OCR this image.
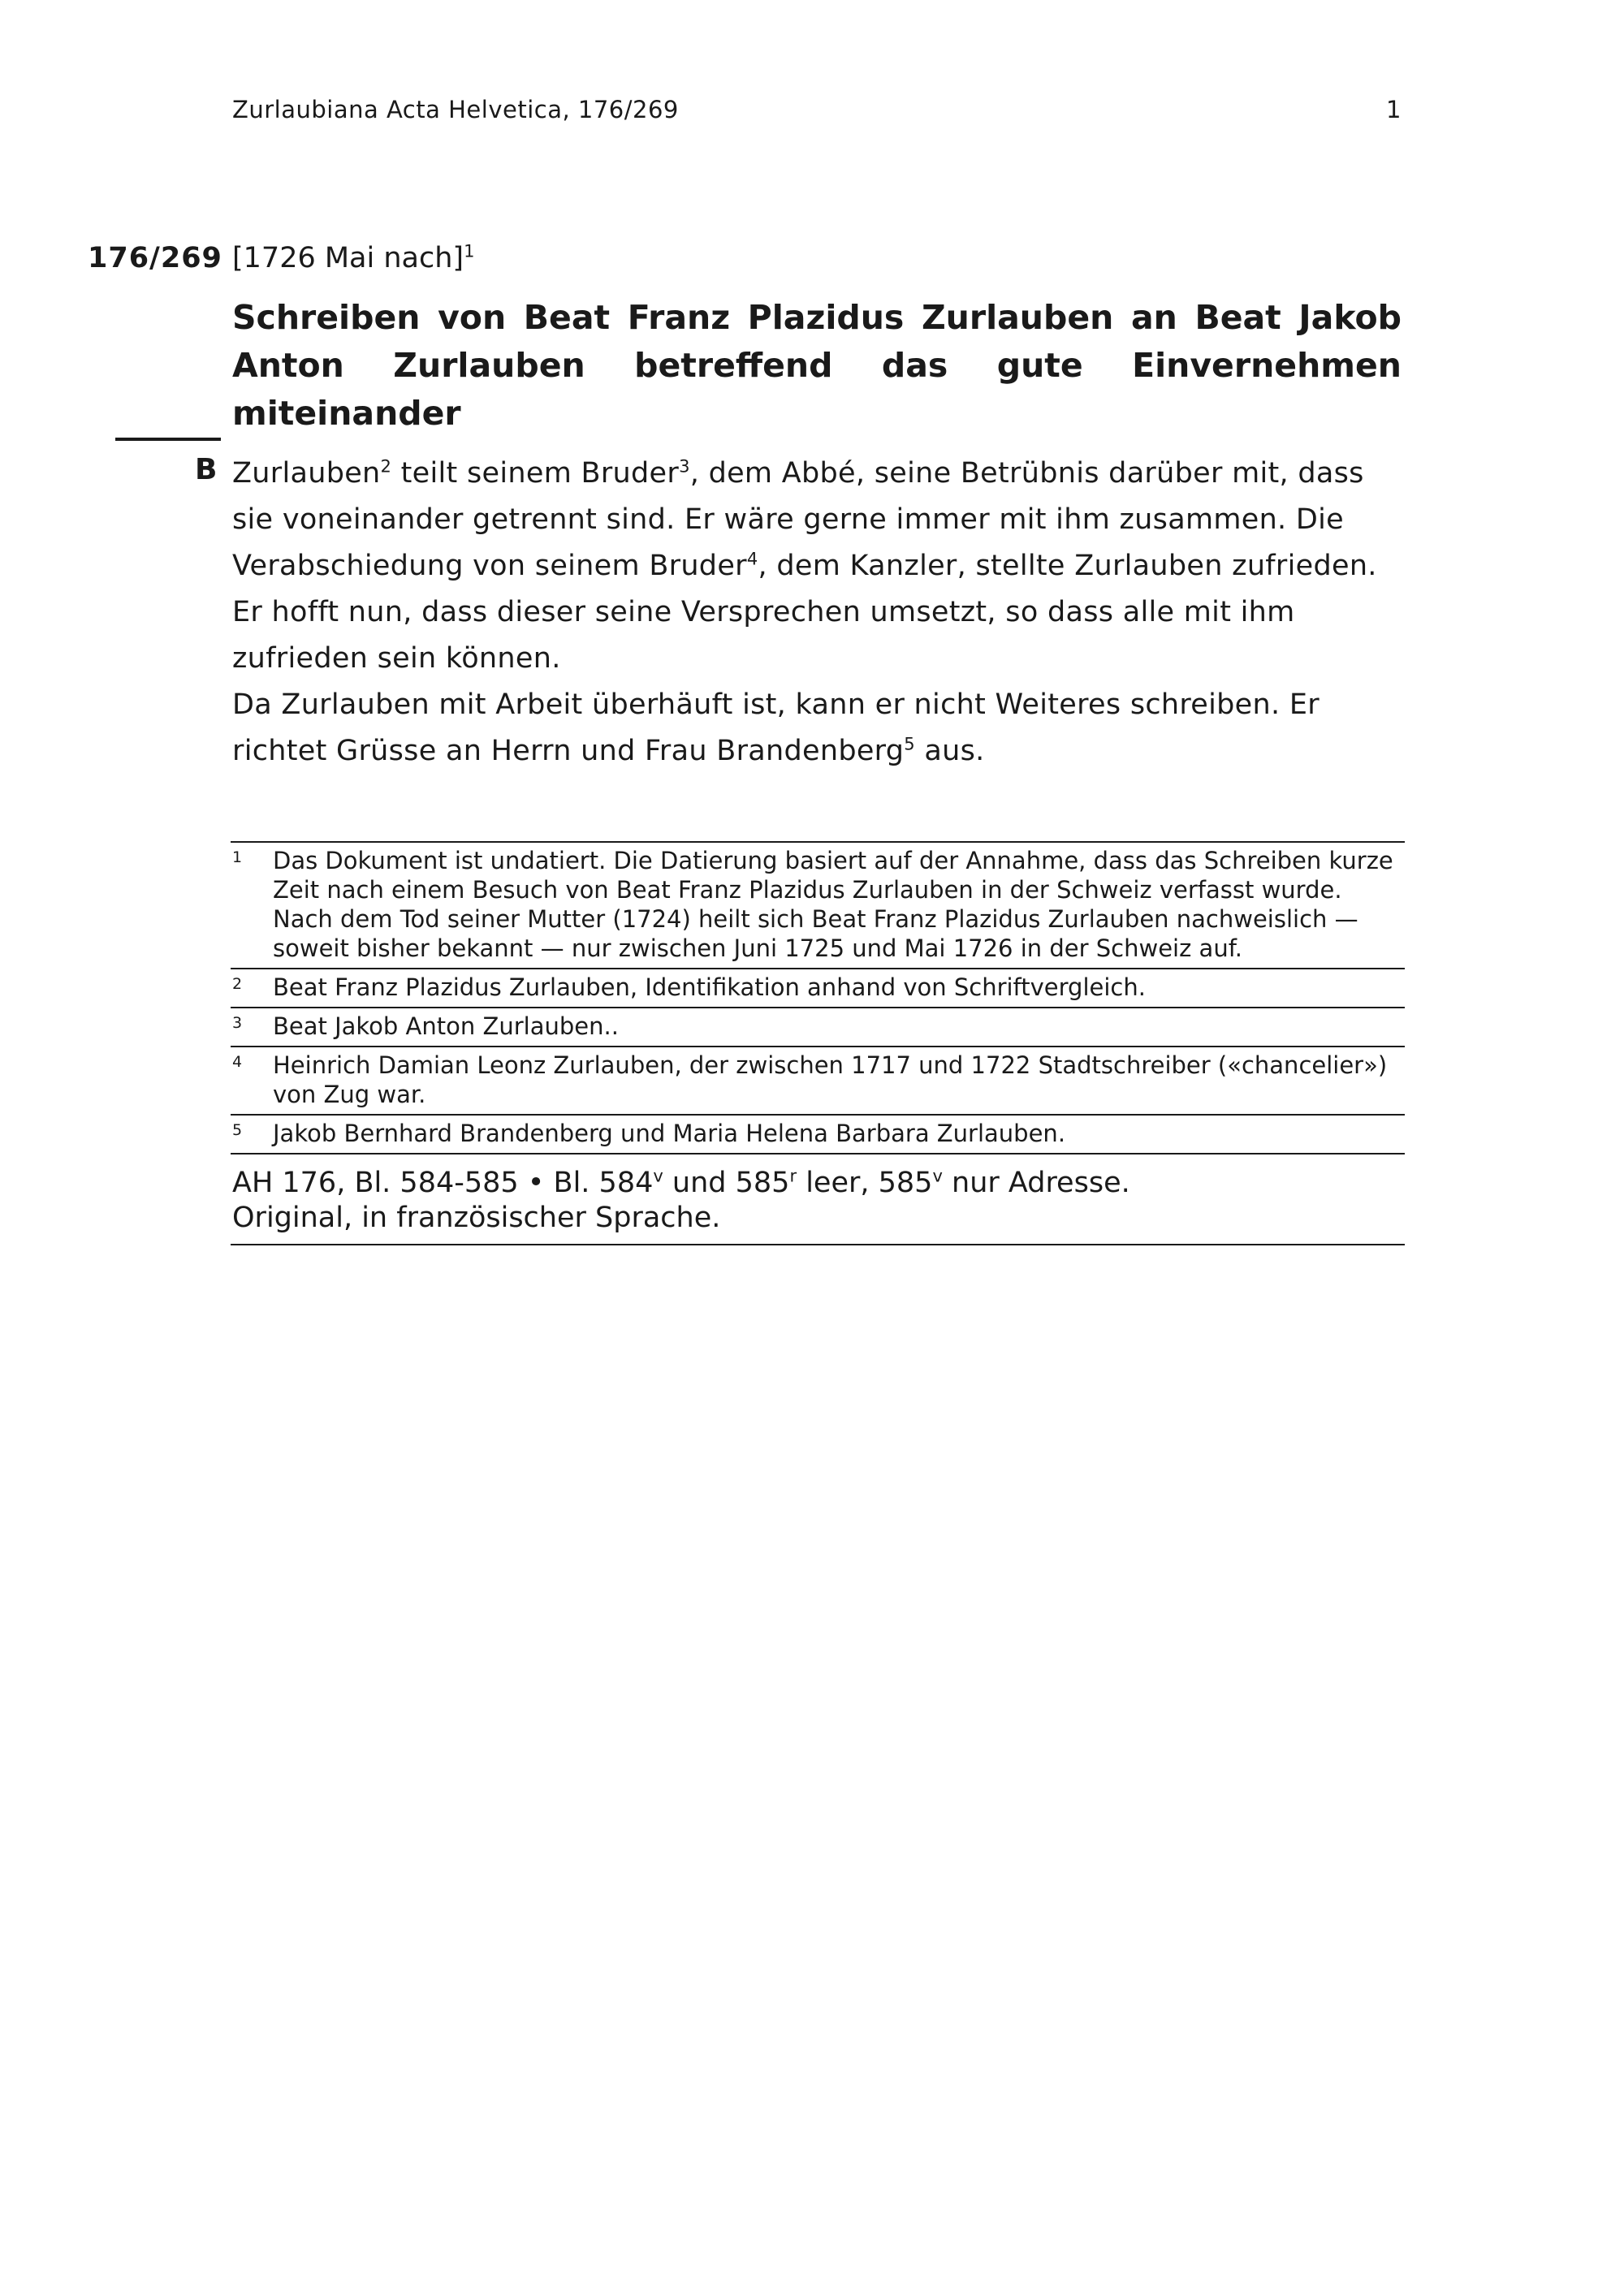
Zurlaubiana Acta Helvetica, 176/269	1
176/269 [1726 Mai nach]$^1$
Schreiben von Beat Franz Plazidus Zurlauben an Beat Jakob Anton Zurlauben betreffend das gute Einvernehmen miteinander
B Zurlauben$^2$ teilt seinem Bruder$^3$, dem Abbé, seine Betrübnis darüber mit, dass sie voneinander getrennt sind. Er wäre gerne immer mit ihm zusammen. Die Verabschiedung von seinem Bruder$^4$, dem Kanzler, stellte Zurlauben zufrieden. Er hofft nun, dass dieser seine Versprechen umsetzt, so dass alle mit ihm zufrieden sein können.

Da Zurlauben mit Arbeit überhäuft ist, kann er nicht Weiteres schreiben. Er richtet Grüsse an Herrn und Frau Brandenberg$^5$ aus.

1 Das Dokument ist undatiert. Die Datierung basiert auf der Annahme, dass das Schreiben kurze Zeit nach einem Besuch von Beat Franz Plazidus Zurlauben in der Schweiz verfasst wurde. Nach dem Tod seiner Mutter (1724) heilt sich Beat Franz Plazidus Zurlauben nachweislich — soweit bisher bekannt — nur zwischen Juni 1725 und Mai 1726 in der Schweiz auf.
2 Beat Franz Plazidus Zurlauben, Identifikation anhand von Schriftvergleich.
3 Beat Jakob Anton Zurlauben..
4 Heinrich Damian Leonz Zurlauben, der zwischen 1717 und 1722 Stadtschreiber («chancelier») von Zug war.
5 Jakob Bernhard Brandenberg und Maria Helena Barbara Zurlauben.
AH 176, Bl. 584-585 • Bl. 584$^v$ und 585$^r$ leer, 585$^v$ nur Adresse.
Original, in französischer Sprache.
